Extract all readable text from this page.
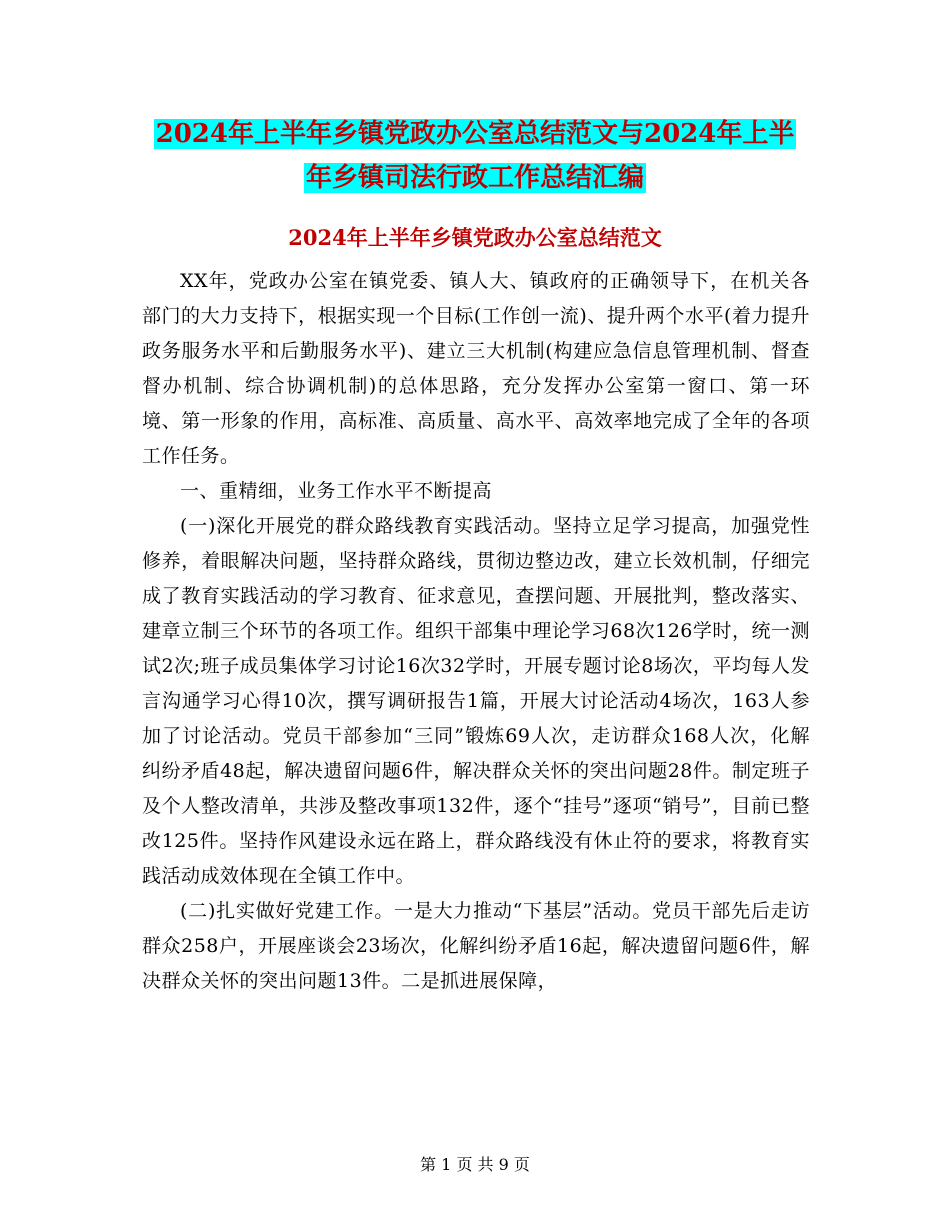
2024年上半年乡镇党政办公室总结范文与2024年上半
年乡镇司法行政工作总结汇编
2024年上半年乡镇党政办公室总结范文

XX年，党政办公室在镇党委、镇人大、镇政府的正确领导下，在机关各部门的大力支持下，根据实现一个目标(工作创一流)、提升两个水平(着力提升政务服务水平和后勤服务水平)、建立三大机制(构建应急信息管理机制、督查督办机制、综合协调机制)的总体思路，充分发挥办公室第一窗口、第一环境、第一形象的作用，高标准、高质量、高水平、高效率地完成了全年的各项工作任务。

一、重精细，业务工作水平不断提高

(一)深化开展党的群众路线教育实践活动。坚持立足学习提高，加强党性修养，着眼解决问题，坚持群众路线，贯彻边整边改，建立长效机制，仔细完成了教育实践活动的学习教育、征求意见，查摆问题、开展批判，整改落实、建章立制三个环节的各项工作。组织干部集中理论学习68次126学时，统一测试2次;班子成员集体学习讨论16次32学时，开展专题讨论8场次，平均每人发言沟通学习心得10次，撰写调研报告1篇，开展大讨论活动4场次，163人参加了讨论活动。党员干部参加“三同”锻炼69人次，走访群众168人次，化解纠纷矛盾48起，解决遗留问题6件，解决群众关怀的突出问题28件。制定班子及个人整改清单，共涉及整改事项132件，逐个“挂号”逐项“销号”，目前已整改125件。坚持作风建设永远在路上，群众路线没有休止符的要求，将教育实践活动成效体现在全镇工作中。

(二)扎实做好党建工作。一是大力推动“下基层”活动。党员干部先后走访群众258户，开展座谈会23场次，化解纠纷矛盾16起，解决遗留问题6件，解决群众关怀的突出问题13件。二是抓进展保障，

第 1 页 共 9 页
